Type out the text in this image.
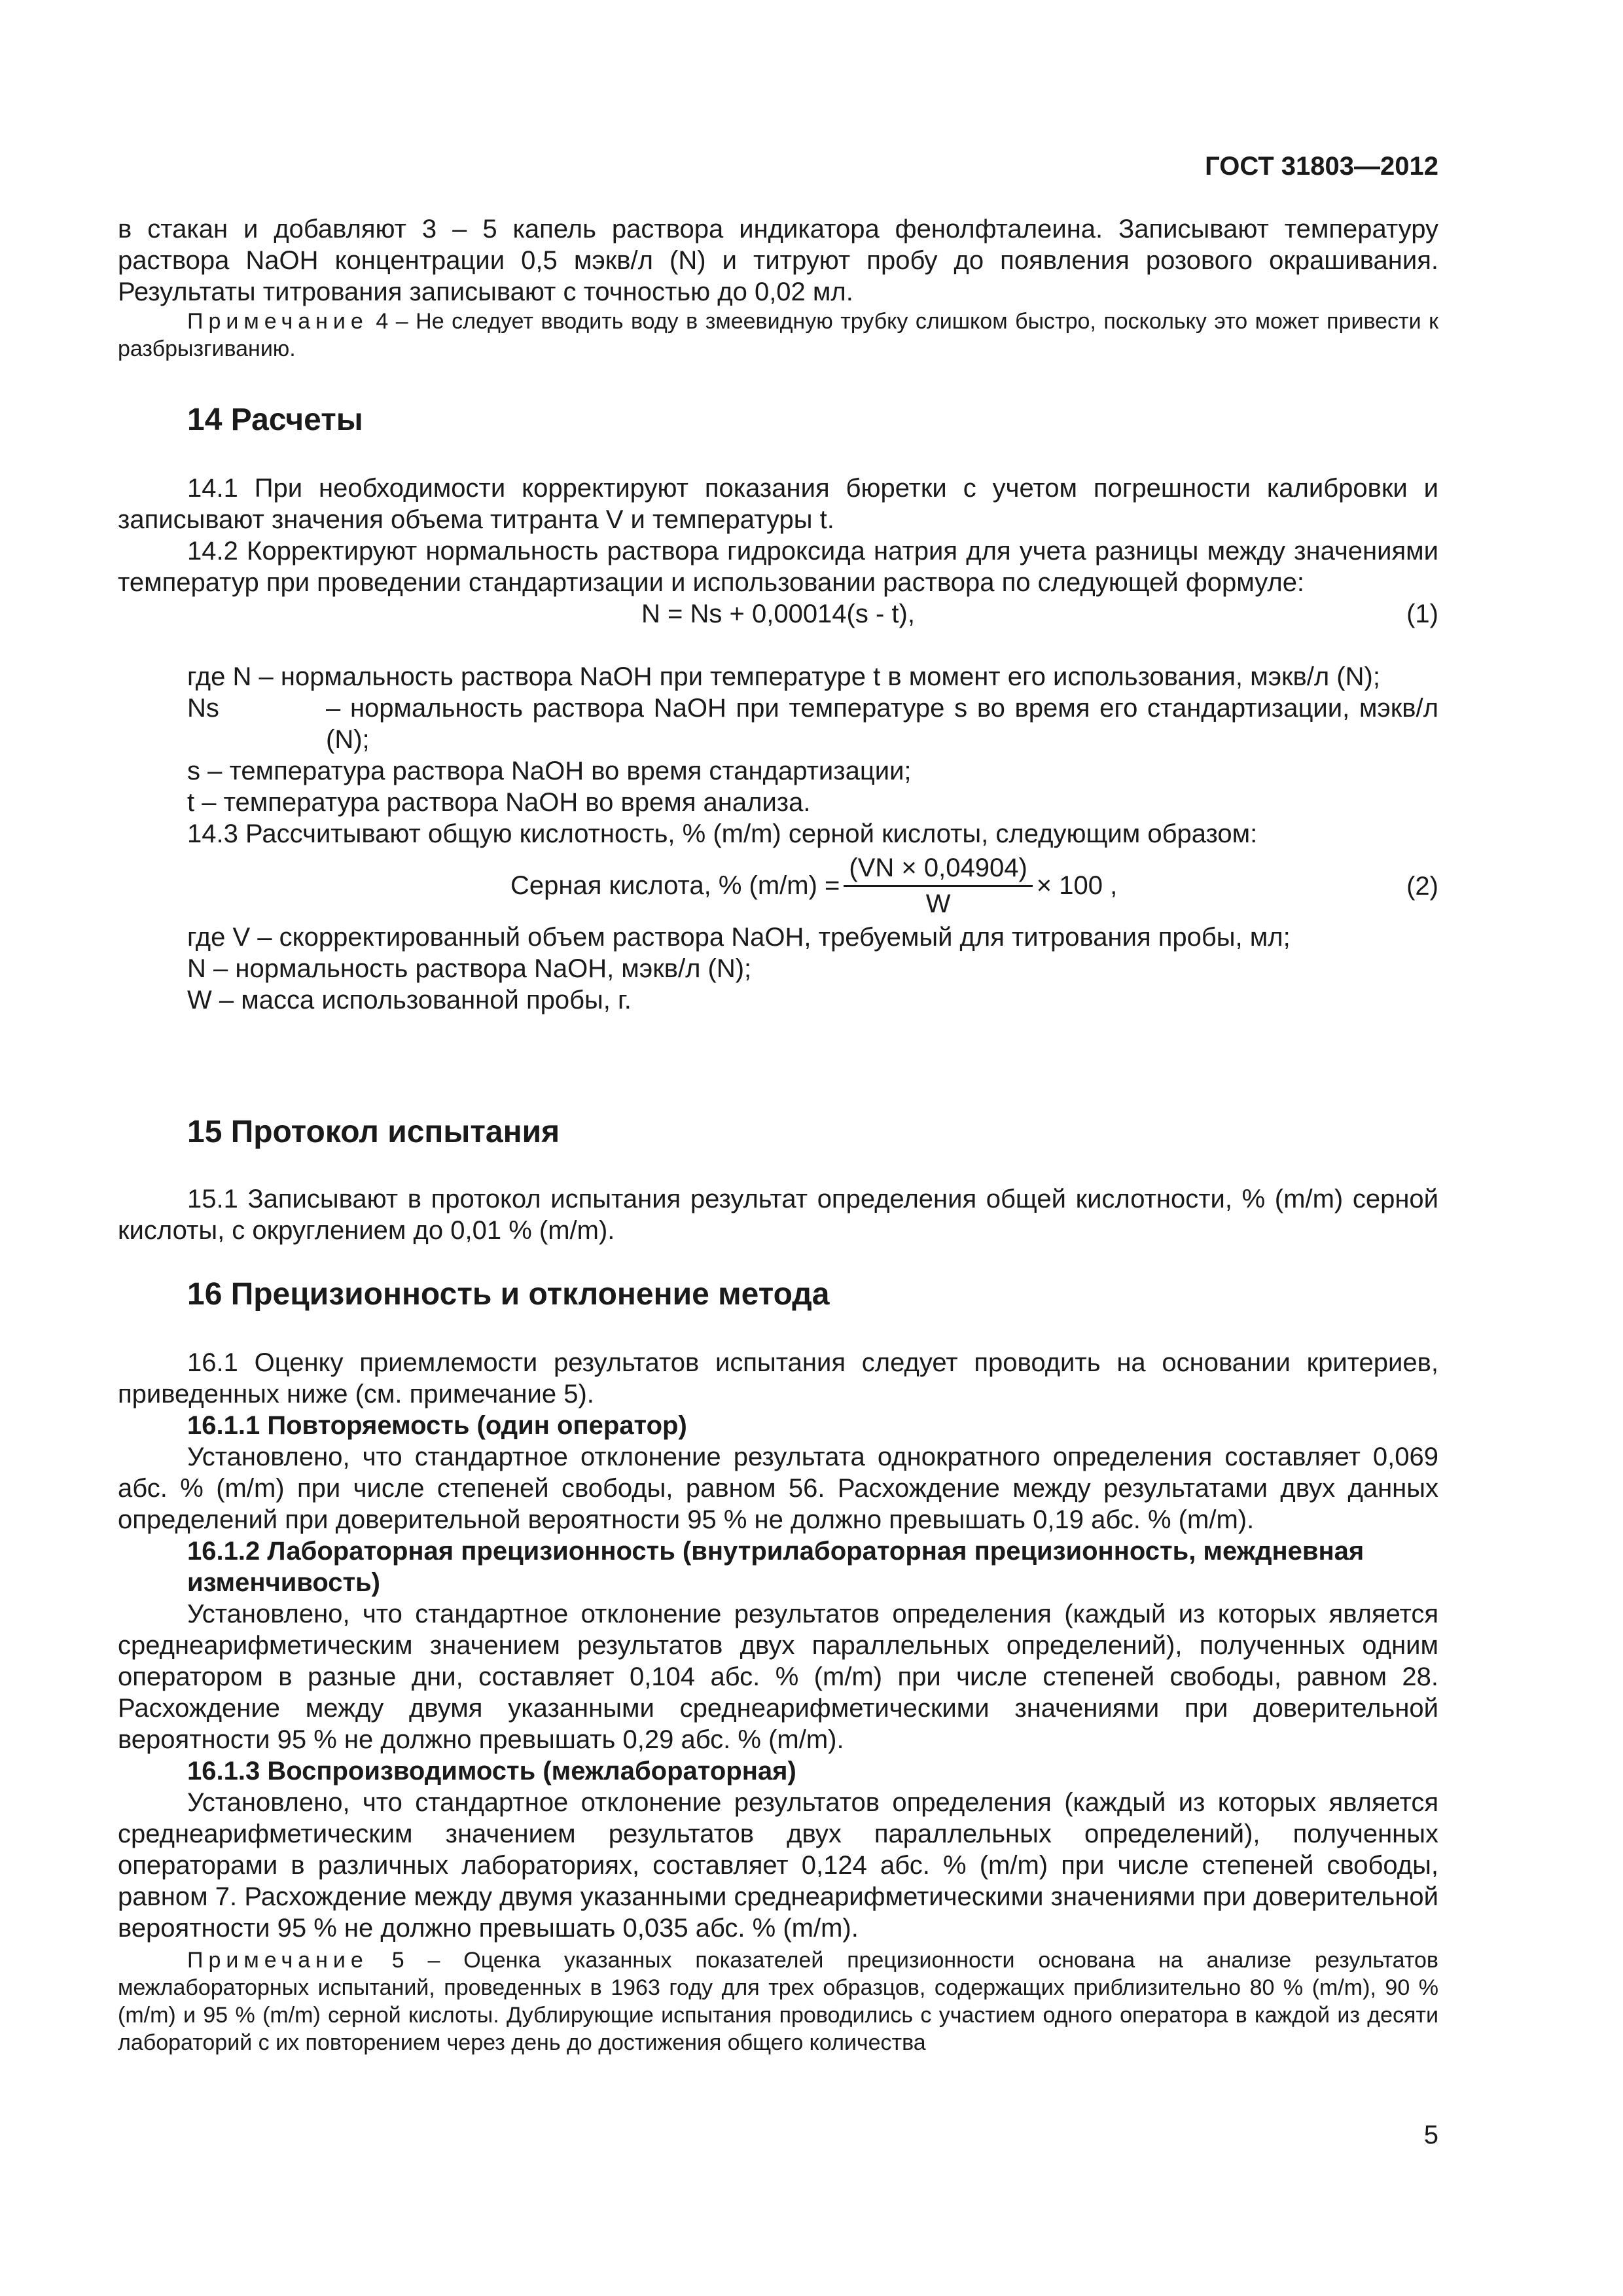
ГОСТ 31803—2012

в стакан и добавляют 3 – 5 капель раствора индикатора фенолфталеина. Записывают температуру раствора NaOH концентрации 0,5 мэкв/л (N) и титруют пробу до появления розового окрашивания. Результаты титрования записывают с точностью до 0,02 мл.

Примечание 4 – Не следует вводить воду в змеевидную трубку слишком быстро, поскольку это может привести к разбрызгиванию.
14 Расчеты

14.1 При необходимости корректируют показания бюретки с учетом погрешности калибровки и записывают значения объема титранта V и температуры t.

14.2 Корректируют нормальность раствора гидроксида натрия для учета разницы между значениями температур при проведении стандартизации и использовании раствора по следующей формуле:

N = Ns + 0,00014(s - t),	(1)

где N – нормальность раствора NaOH при температуре t в момент его использования, мэкв/л (N);

Ns	– нормальность раствора NaOH при температуре s во время его стандартизации, мэкв/л (N);

s – температура раствора NaOH во время стандартизации;

t – температура раствора NaOH во время анализа.

14.3 Рассчитывают общую кислотность, % (m/m) серной кислоты, следующим образом:

Серная кислота, % $(m/m) = \frac{(VN \times 0,04904)}{W} \times 100$ ,	(2)

где V – скорректированный объем раствора NaOH, требуемый для титрования пробы, мл;

N – нормальность раствора NaOH, мэкв/л (N);

W – масса использованной пробы, г.

15 Протокол испытания

15.1 Записывают в протокол испытания результат определения общей кислотности, % (m/m) серной кислоты, с округлением до 0,01 % (m/m).

16 Прецизионность и отклонение метода

16.1 Оценку приемлемости результатов испытания следует проводить на основании критериев, приведенных ниже (см. примечание 5).

16.1.1 Повторяемость (один оператор)

Установлено, что стандартное отклонение результата однократного определения составляет 0,069 абс. % (m/m) при числе степеней свободы, равном 56. Расхождение между результатами двух данных определений при доверительной вероятности 95 % не должно превышать 0,19 абс. % (m/m).

16.1.2 Лабораторная прецизионность (внутрилабораторная прецизионность, междневная изменчивость)

Установлено, что стандартное отклонение результатов определения (каждый из которых является среднеарифметическим значением результатов двух параллельных определений), полученных одним оператором в разные дни, составляет 0,104 абс. % (m/m) при числе степеней свободы, равном 28. Расхождение между двумя указанными среднеарифметическими значениями при доверительной вероятности 95 % не должно превышать 0,29 абс. % (m/m).

16.1.3 Воспроизводимость (межлабораторная)

Установлено, что стандартное отклонение результатов определения (каждый из которых является среднеарифметическим значением результатов двух параллельных определений), полученных операторами в различных лабораториях, составляет 0,124 абс. % (m/m) при числе степеней свободы, равном 7. Расхождение между двумя указанными среднеарифметическими значениями при доверительной вероятности 95 % не должно превышать 0,035 абс. % (m/m).

Примечание 5 – Оценка указанных показателей прецизионности основана на анализе результатов межлабораторных испытаний, проведенных в 1963 году для трех образцов, содержащих приблизительно 80 % (m/m), 90 % (m/m) и 95 % (m/m) серной кислоты. Дублирующие испытания проводились с участием одного оператора в каждой из десяти лабораторий с их повторением через день до достижения общего количества
5
